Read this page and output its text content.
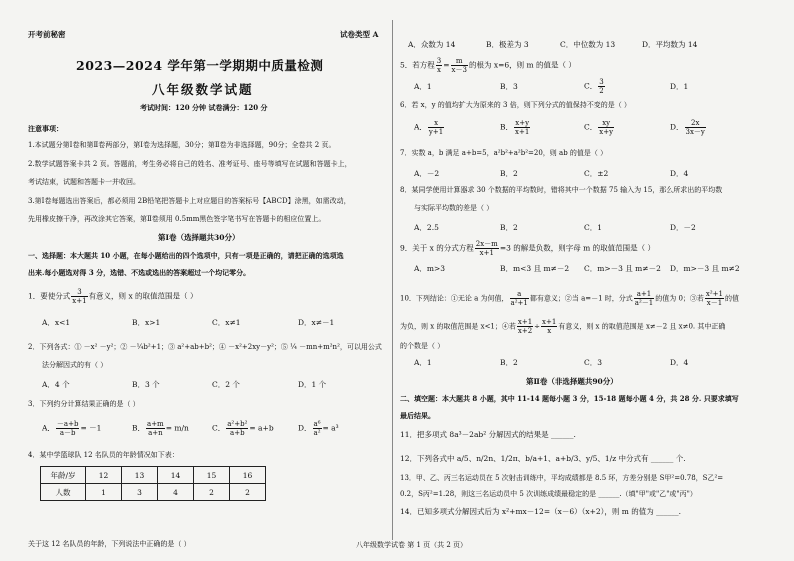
开考前秘密	试卷类型 A
2023—2024 学年第一学期期中质量检测
八年级数学试题
考试时间：120 分钟 试卷满分：120 分
注意事项：
1.本试题分第Ⅰ卷和第Ⅱ卷两部分，第Ⅰ卷为选择题，30分；第Ⅱ卷为非选择题，90分；全卷共 2 页。
2.数学试题答案卡共 2 页。答题前，考生务必将自己的姓名、准考证号、座号等填写在试题和答题卡上，
考试结束，试题和答题卡一并收回。
3.第Ⅰ卷每题选出答案后，都必须用 2B铅笔把答题卡上对应题目的答案标号【ABCD】涂黑，如需改动，
先用橡皮擦干净，再改涂其它答案，第Ⅱ卷须用 0.5mm黑色签字笔书写在答题卡的相应位置上。
第Ⅰ卷（选择题共30分）
一、选择题：本大题共 10 小题，在每小题给出的四个选项中，只有一项是正确的，请把正确的选项选
出来.每小题选对得 3 分，选错、不选或选出的答案超过一个均记零分。
1．要使分式 $\frac{3}{x+1}$ 有意义，则 x 的取值范围是（ ）
A．x<1	B．x>1	C．x≠1	D．x≠－1
2．下列各式：① －x² －y²；② －¼b²+1；③ a²+ab+b²；④ －x²+2xy－y²；⑤ ¼ －mn+m²n²，可以用公式
法分解因式的有（ ）
A．4 个	B．3 个	C．2 个	D．1 个
3．下列约分计算结果正确的是（ ）
A． $\frac{-a+b}{a-b} = -1$	B． $\frac{a+m}{a+n} = m/n$	C． $\frac{\text{a²+b²}}{a+b} = a+b$	D． $\frac{\text{a⁶}}{\text{a²}} = a^3$
4．某中学篮球队 12 名队员的年龄情况如下表：
年龄/岁	12	13	14	15	16
人数	1	3	4	2	2
关于这 12 名队员的年龄，下列说法中正确的是（ ）
A．众数为 14	B．极差为 3	C．中位数为 13	D．平均数为 14
5．若方程 $\frac{3}{x} = \frac{m}{x-3}$ 的根为 x=6，则 m 的值是（ ）
A．1	B．3	C． $\frac{3}{2}$	D．1
6．若 x，y 的值均扩大为原来的 3 倍，则下列分式的值保持不变的是（ ）
A． $\frac{x}{y+1}$	B． $\frac{x+y}{x+1}$	C． $\frac{xy}{x+y}$	D． $\frac{2x}{3x-y}$
7．实数 a，b 满足 a+b=5，a²b²+a²b²=20，则 ab 的值是（ ）
A．－2	B．2	C．±2	D．4
8．某同学使用计算器求 30 个数据的平均数时，错将其中一个数据 75 输入为 15，那么所求出的平均数
与实际平均数的差是（ ）
A．2.5	B．2	C．1	D．－2
9．关于 x 的分式方程 $\frac{2x-m}{x+1} =3$ 的解是负数，则字母 m 的取值范围是（ ）
A．m>3	B．m<3 且 m≠－2 C．m>－3 且 m≠－2 D．m>－3 且 m≠2
10．下列结论：①无论 a 为何值， $\frac{a}{\text{a²+1}}$ 都有意义；②当 a=－1 时，分式 $\frac{a+1}{\text{a²－1}}$ 的值为 0；③若 $\frac{\text{x²+1}}{x-1}$ 的值
为负，则 x 的取值范围是 x<1；④若 $\frac{x+1}{x+2} \div \frac{x+1}{x}$ 有意义，则 x 的取值范围是 x≠－2 且 x≠0. 其中正确
的个数是（ ）
A．1	B．2	C．3	D．4
第Ⅱ卷（非选择题共90分）
二、填空题：本大题共 8 小题，其中 11-14 题每小题 3 分，15-18 题每小题 4 分，共 28 分. 只要求填写
最后结果。
11．把多项式 8a³－2ab² 分解因式的结果是 ______.
12．下列各式中 a/5、n/2n、1/2π、b/a+1、a+b/3、y/5、1/z 中分式有 ______ 个.
13．甲、乙、丙三名运动员在 5 次射击训练中，平均成绩都是 8.5 环，方差分别是 S甲²=0.78，S乙²=
0.2，S丙²=1.28，则这三名运动员中 5 次训练成绩最稳定的是 ______.（填"甲"或"乙"或"丙"）
14．已知多项式分解因式后为 x²+mx－12=（x－6）（x+2），则 m 的值为 ______.
八年级数学试卷 第 1 页（共 2 页）
